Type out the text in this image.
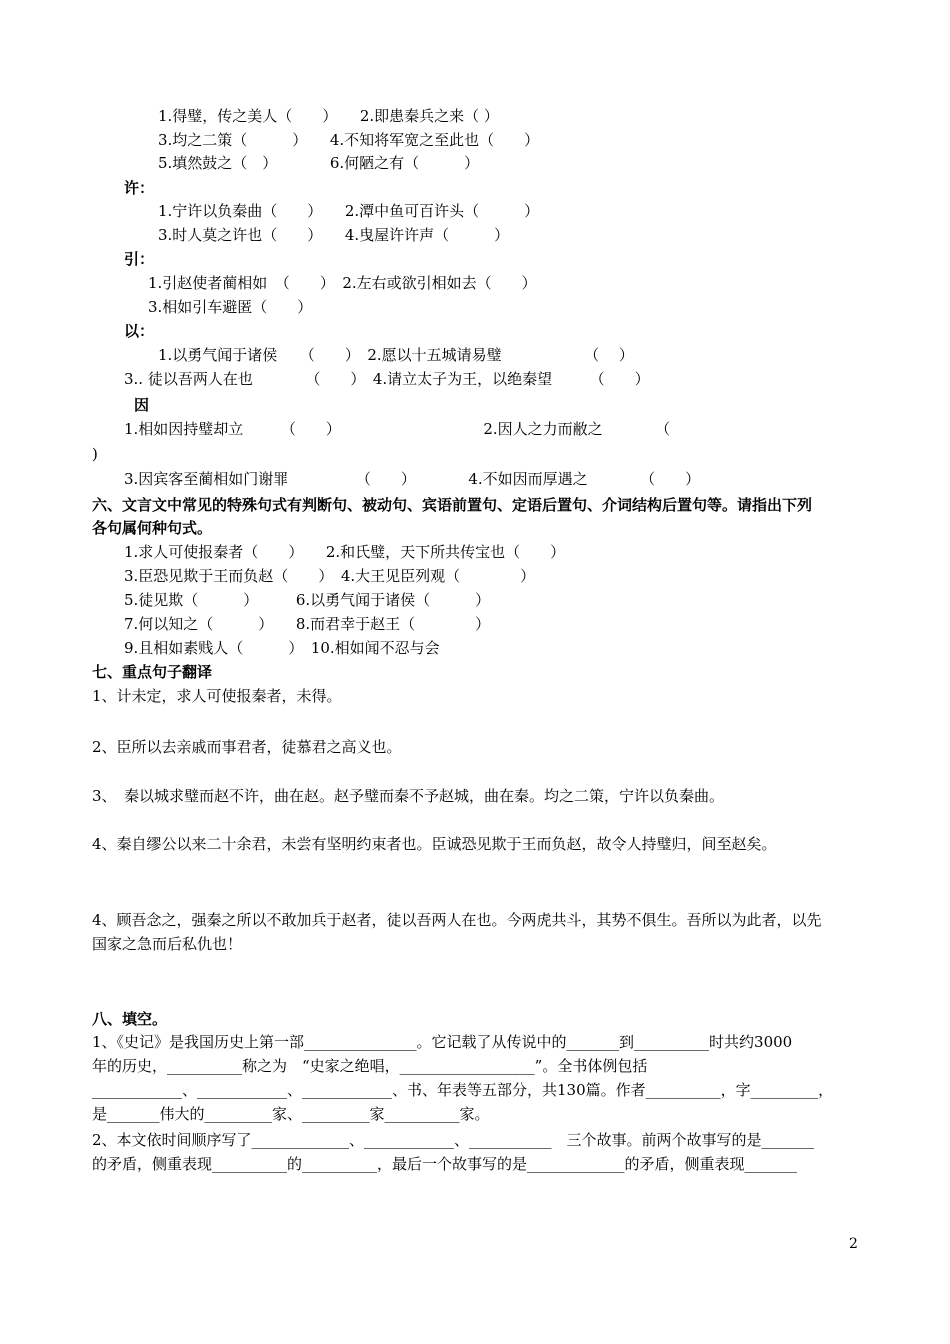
1.得璧，传之美人（　　）　　2.即患秦兵之来（ ）
3.均之二策（　　　）　　4.不知将军宽之至此也（　　）
5.填然鼓之（　）　　　　6.何陋之有（　　　）
许：
1.宁许以负秦曲（　　）　　2.潭中鱼可百许头（　　　）
3.时人莫之许也（　　）　　4.曳屋许许声（　　　）
引：
1.引赵使者蔺相如　（　　）　2.左右或欲引相如去（　　）
3.相如引车避匿（　　）
以：
1.以勇气闻于诸侯　　（　　）　2.愿以十五城请易璧　　　　　　（　 ）
3.. 徒以吾两人在也　　　　（　　）　4.请立太子为王，以绝秦望　　　（　　）
因
1.相如因持璧却立　　　（　　）　　　　　　　　　　2.因人之力而敝之　　　　（
)
3.因宾客至蔺相如门谢罪　　　　　（　　）　　　　4.不如因而厚遇之　　　　（　　）
六、文言文中常见的特殊句式有判断句、被动句、宾语前置句、定语后置句、介词结构后置句等。请指出下列
各句属何种句式。
1.求人可使报秦者（　　）　　2.和氏璧，天下所共传宝也（　　）
3.臣恐见欺于王而负赵（　　）　4.大王见臣列观（　　　　）
5.徒见欺（　　　）　　　6.以勇气闻于诸侯（　　　）
7.何以知之（　　　）　　8.而君幸于赵王（　　　　）
9.且相如素贱人（　　　）　10.相如闻不忍与会
七、重点句子翻译
1、计未定，求人可使报秦者，未得。
2、臣所以去亲戚而事君者，徒慕君之高义也。
3、　秦以城求璧而赵不许，曲在赵。赵予璧而秦不予赵城，曲在秦。均之二策，宁许以负秦曲。
4、秦自缪公以来二十余君，未尝有坚明约束者也。臣诚恐见欺于王而负赵，故令人持璧归，间至赵矣。
4、顾吾念之，强秦之所以不敢加兵于赵者，徒以吾两人在也。今两虎共斗，其势不俱生。吾所以为此者，以先
国家之急而后私仇也！
八、填空。
1、《史记》是我国历史上第一部_______________。它记载了从传说中的_______到__________时共约3000
年的历史，__________称之为　“史家之绝唱，__________________”。全书体例包括
____________、____________、____________、书、年表等五部分，共130篇。作者__________，字_________，
是_______伟大的_________家、_________家__________家。
2、本文依时间顺序写了_____________、____________、___________　三个故事。前两个故事写的是_______
的矛盾，侧重表现__________的__________，最后一个故事写的是_____________的矛盾，侧重表现_______
2
